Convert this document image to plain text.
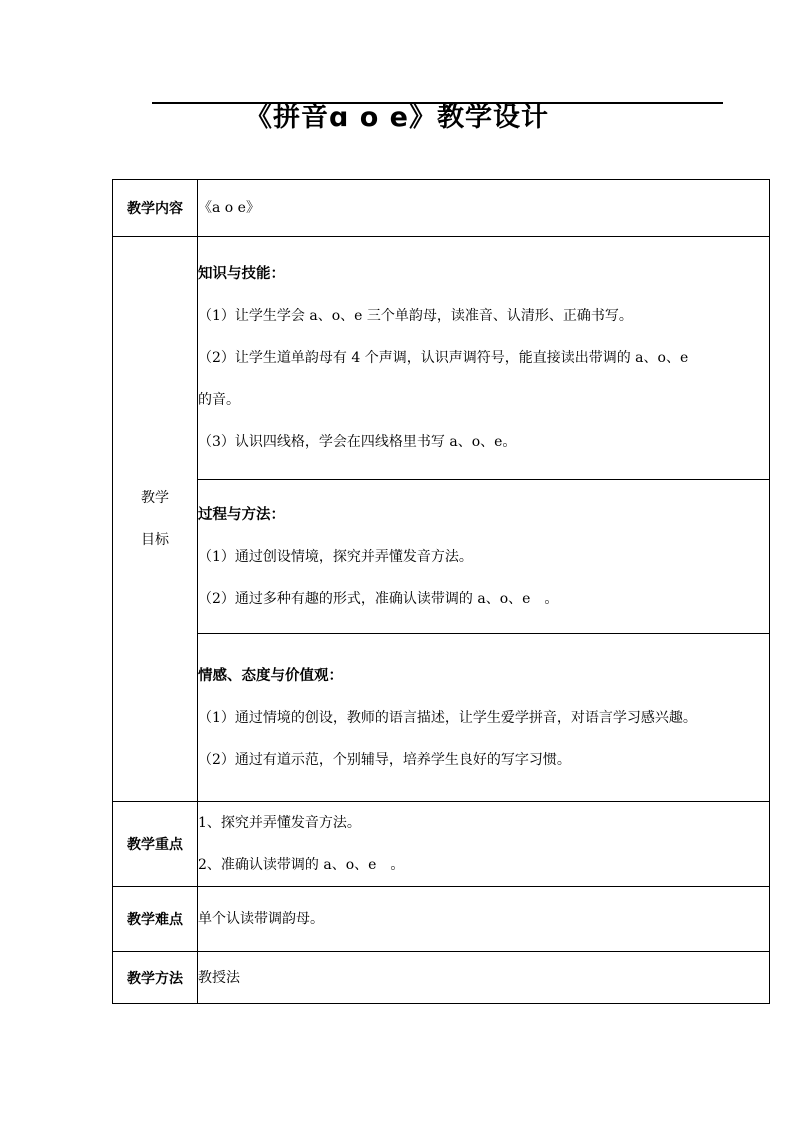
《拼音ɑ o e》教学设计
教学内容	《a o e》

教学
目标	知识与技能：
（1）让学生学会 a、o、e 三个单韵母，读准音、认清形、正确书写。
（2）让学生道单韵母有 4 个声调，认识声调符号，能直接读出带调的 a、o、e
的音。
（3）认识四线格，学会在四线格里书写 a、o、e。

	过程与方法：
（1）通过创设情境，探究并弄懂发音方法。
（2）通过多种有趣的形式，准确认读带调的 a、o、e　。

	情感、态度与价值观：
（1）通过情境的创设，教师的语言描述，让学生爱学拼音，对语言学习感兴趣。
（2）通过有道示范，个别辅导，培养学生良好的写字习惯。

教学重点	1、探究并弄懂发音方法。
2、准确认读带调的 a、o、e　。

教学难点	单个认读带调韵母。

教学方法	教授法
